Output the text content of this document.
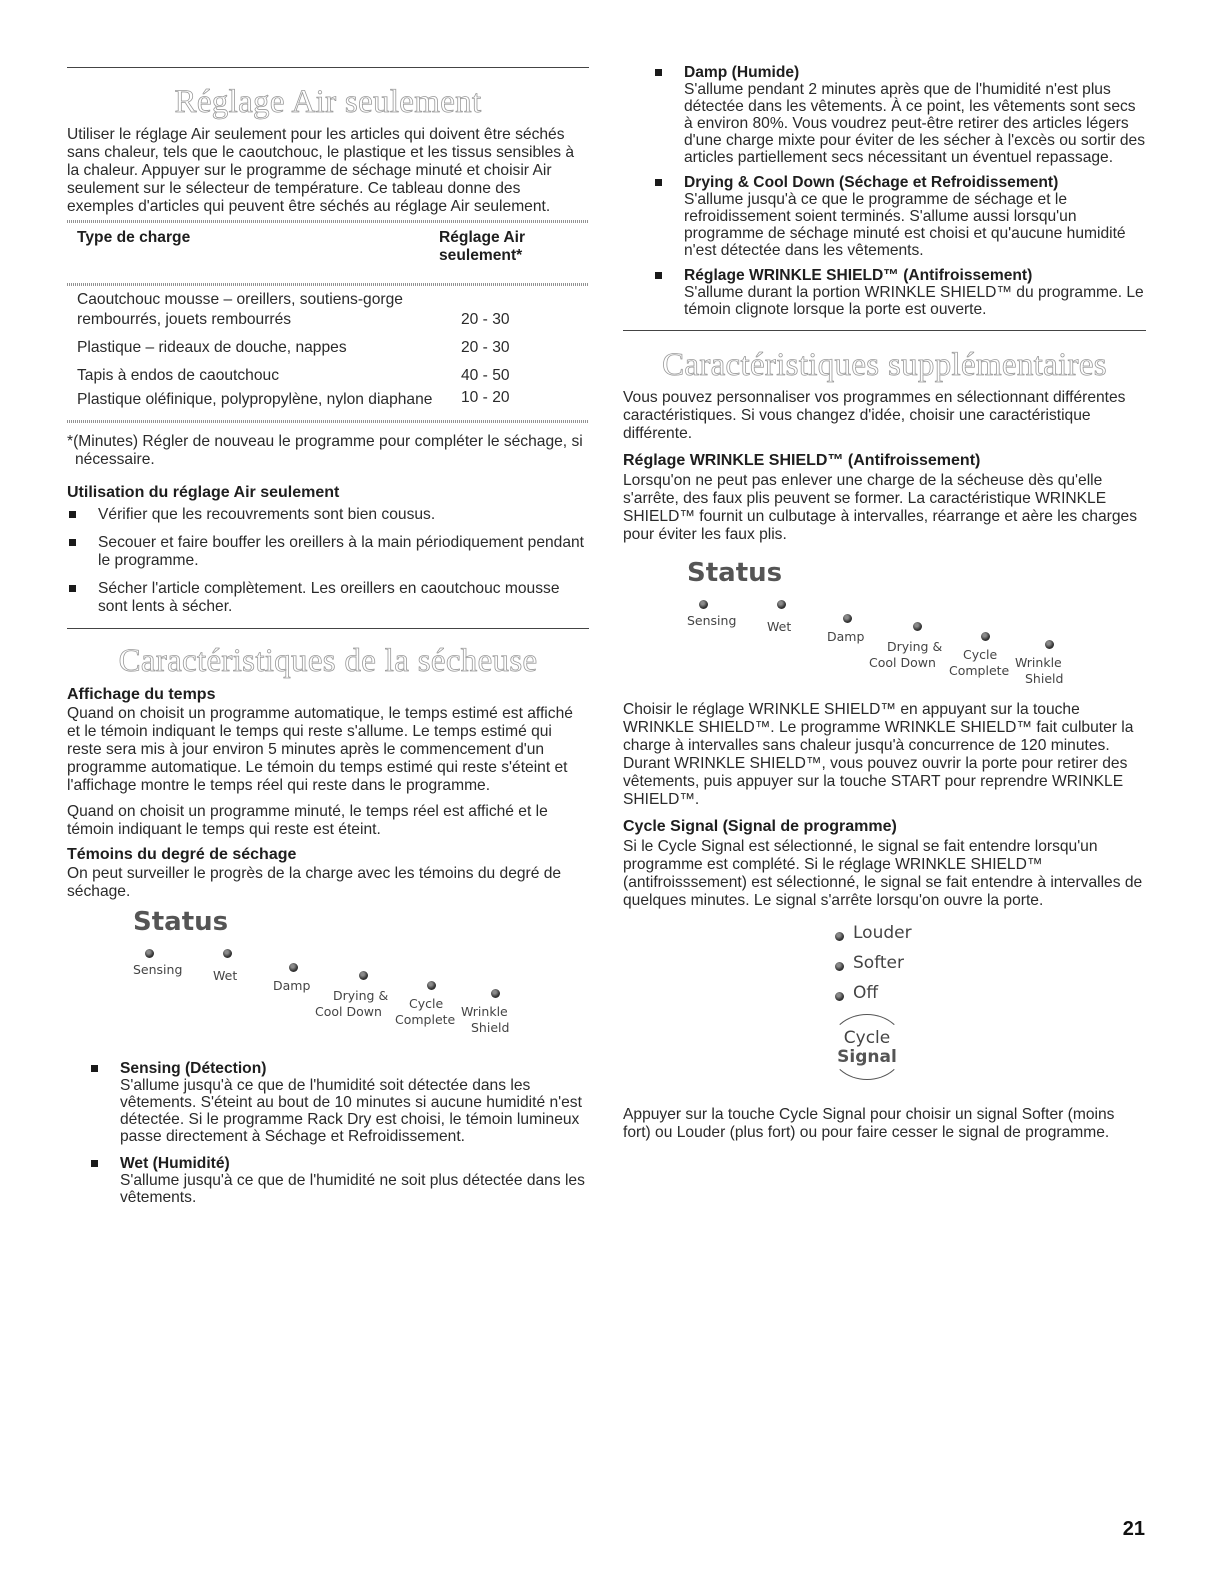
Réglage Air seulement

Utiliser le réglage Air seulement pour les articles qui doivent être séchés sans chaleur, tels que le caoutchouc, le plastique et les tissus sensibles à la chaleur. Appuyer sur le programme de séchage minuté et choisir Air seulement sur le sélecteur de température. Ce tableau donne des exemples d'articles qui peuvent être séchés au réglage Air seulement.

Type de charge	Réglage Air seulement*
Caoutchouc mousse – oreillers, soutiens-gorge rembourrés, jouets rembourrés	20 - 30
Plastique – rideaux de douche, nappes	20 - 30
Tapis à endos de caoutchouc	40 - 50
Plastique oléfinique, polypropylène, nylon diaphane	10 - 20

*(Minutes) Régler de nouveau le programme pour compléter le séchage, si nécessaire.

Utilisation du réglage Air seulement
Vérifier que les recouvrements sont bien cousus.
Secouer et faire bouffer les oreillers à la main périodiquement pendant le programme.
Sécher l'article complètement. Les oreillers en caoutchouc mousse sont lents à sécher.
Caractéristiques de la sécheuse
Affichage du temps

Quand on choisit un programme automatique, le temps estimé est affiché et le témoin indiquant le temps qui reste s'allume. Le temps estimé qui reste sera mis à jour environ 5 minutes après le commencement d'un programme automatique. Le témoin du temps estimé qui reste s'éteint et l'affichage montre le temps réel qui reste dans le programme.

Quand on choisit un programme minuté, le temps réel est affiché et le témoin indiquant le temps qui reste est éteint.

Témoins du degré de séchage

On peut surveiller le progrès de la charge avec les témoins du degré de séchage.

Status
Sensing Wet
Damp
Drying &
Cool Down
Cycle
Complete
Wrinkle
Shield
Sensing (Détection)
S'allume jusqu'à ce que de l'humidité soit détectée dans les vêtements. S'éteint au bout de 10 minutes si aucune humidité n'est détectée. Si le programme Rack Dry est choisi, le témoin lumineux passe directement à Séchage et Refroidissement.
Wet (Humidité)
S'allume jusqu'à ce que de l'humidité ne soit plus détectée dans les vêtements.
Damp (Humide)
S'allume pendant 2 minutes après que de l'humidité n'est plus détectée dans les vêtements. À ce point, les vêtements sont secs à environ 80%. Vous voudrez peut-être retirer des articles légers d'une charge mixte pour éviter de les sécher à l'excès ou sortir des articles partiellement secs nécessitant un éventuel repassage.
Drying & Cool Down (Séchage et Refroidissement)
S'allume jusqu'à ce que le programme de séchage et le refroidissement soient terminés. S'allume aussi lorsqu'un programme de séchage minuté est choisi et qu'aucune humidité n'est détectée dans les vêtements.
Réglage WRINKLE SHIELD™ (Antifroissement)
S'allume durant la portion WRINKLE SHIELD™ du programme. Le témoin clignote lorsque la porte est ouverte.
Caractéristiques supplémentaires

Vous pouvez personnaliser vos programmes en sélectionnant différentes caractéristiques. Si vous changez d'idée, choisir une caractéristique différente.

Réglage WRINKLE SHIELD™ (Antifroissement)

Lorsqu'on ne peut pas enlever une charge de la sécheuse dès qu'elle s'arrête, des faux plis peuvent se former. La caractéristique WRINKLE SHIELD™ fournit un culbutage à intervalles, réarrange et aère les charges pour éviter les faux plis.

Status
Sensing Wet
Damp
Drying &
Cool Down
Cycle
Complete
Wrinkle
Shield

Choisir le réglage WRINKLE SHIELD™ en appuyant sur la touche WRINKLE SHIELD™. Le programme WRINKLE SHIELD™ fait culbuter la charge à intervalles sans chaleur jusqu'à concurrence de 120 minutes. Durant WRINKLE SHIELD™, vous pouvez ouvrir la porte pour retirer des vêtements, puis appuyer sur la touche START pour reprendre WRINKLE SHIELD™.

Cycle Signal (Signal de programme)

Si le Cycle Signal est sélectionné, le signal se fait entendre lorsqu'un programme est complété. Si le réglage WRINKLE SHIELD™ (antifroisssement) est sélectionné, le signal se fait entendre à intervalles de quelques minutes. Le signal s'arrête lorsqu'on ouvre la porte.

Louder
Softer
Off
Cycle
Signal

Appuyer sur la touche Cycle Signal pour choisir un signal Softer (moins fort) ou Louder (plus fort) ou pour faire cesser le signal de programme.

21
